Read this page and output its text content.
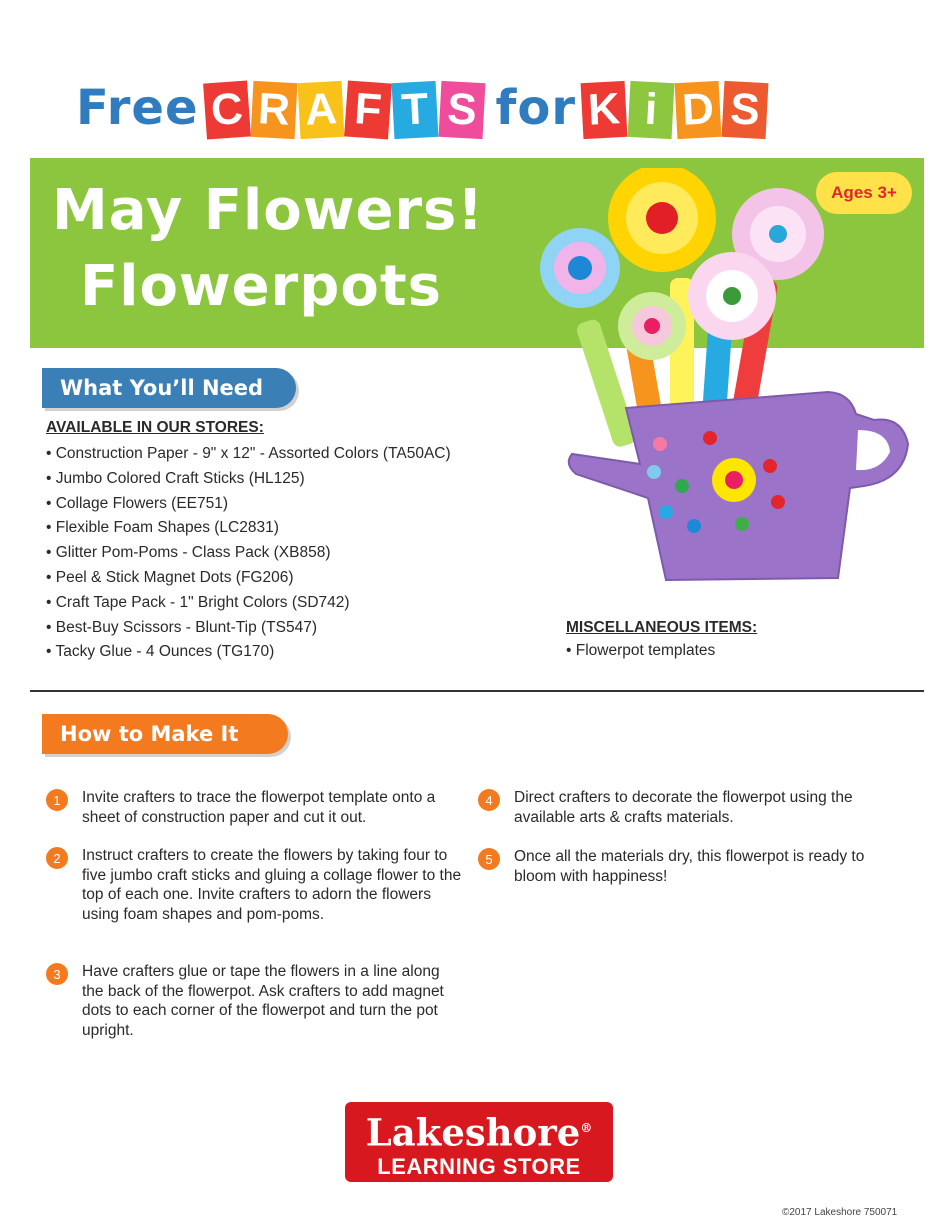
Free C R A F T S for K i D S
May Flowers!
Flowerpots
Ages 3+
What You’ll Need
AVAILABLE IN OUR STORES:
• Construction Paper - 9" x 12" - Assorted Colors (TA50AC)
• Jumbo Colored Craft Sticks (HL125)
• Collage Flowers (EE751)
• Flexible Foam Shapes (LC2831)
• Glitter Pom-Poms - Class Pack (XB858)
• Peel & Stick Magnet Dots (FG206)
• Craft Tape Pack - 1" Bright Colors (SD742)
• Best-Buy Scissors - Blunt-Tip (TS547)
• Tacky Glue - 4 Ounces (TG170)
MISCELLANEOUS ITEMS:
• Flowerpot templates
How to Make It
1	Invite crafters to trace the flowerpot template onto a sheet of construction paper and cut it out.
2	Instruct crafters to create the flowers by taking four to five jumbo craft sticks and gluing a collage flower to the top of each one. Invite crafters to adorn the flowers using foam shapes and pom-poms.
3	Have crafters glue or tape the flowers in a line along the back of the flowerpot. Ask crafters to add magnet dots to each corner of the flowerpot and turn the pot upright.
4	Direct crafters to decorate the flowerpot using the available arts & crafts materials.
5	Once all the materials dry, this flowerpot is ready to bloom with happiness!
Lakeshore®
LEARNING STORE
©2017 Lakeshore 750071
